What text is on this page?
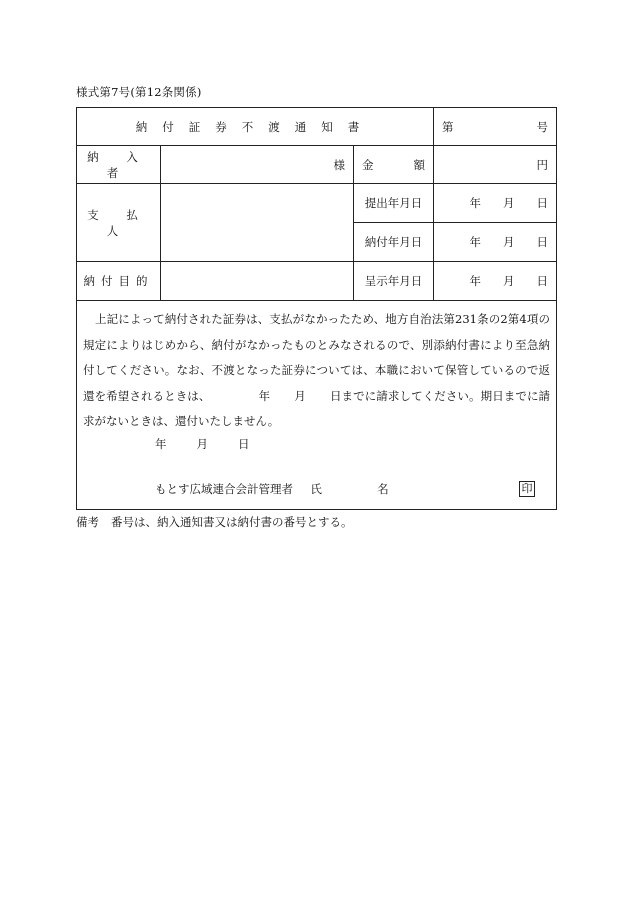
様式第7号(第12条関係)
納付証券不渡通知書			第 号

納 入 者	様	金 額	円
支 払 人		提出年月日	年 月 日
		納付年月日	年 月 日
納付目的		呈示年月日	年 月 日

上記によって納付された証券は、支払がなかったため、地方自治法第231条の2第4項の規定によりはじめから、納付がなかったものとみなされるので、別添納付書により至急納付してください。なお、不渡となった証券については、本職において保管しているので返還を希望されるときは、 年 月 日までに請求してください。期日までに請求がないときは、還付いたしません。

年 月 日
もとす広域連合会計管理者 氏 名 印			
備考 番号は、納入通知書又は納付書の番号とする。
